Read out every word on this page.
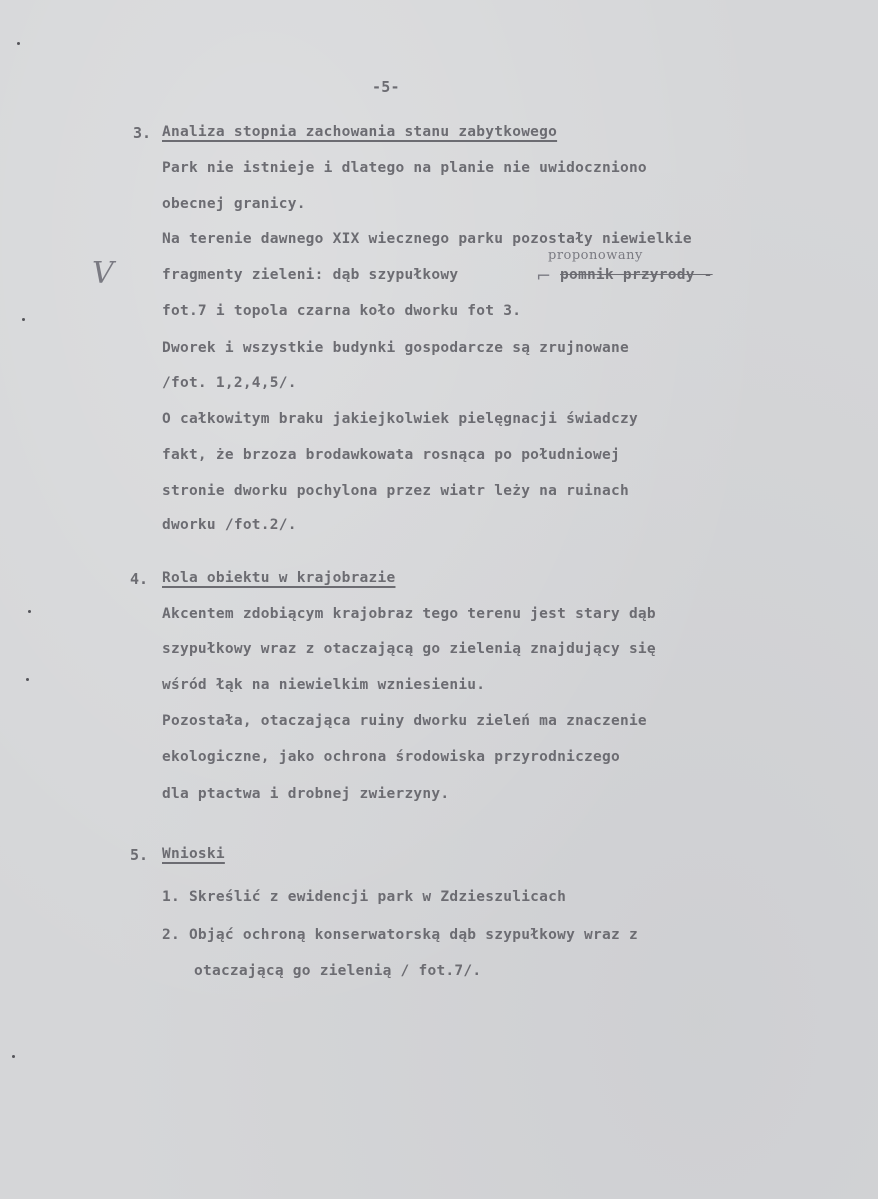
-5-
3. Analiza stopnia zachowania stanu zabytkowego
Park nie istnieje i dlatego na planie nie uwidoczniono
obecnej granicy.
Na terenie dawnego XIX wiecznego parku pozostały niewielkie
proponowany
V	fragmenty zieleni: dąb szypułkowy	⌐ pomnik przyrody -
fot.7 i topola czarna koło dworku fot 3.
Dworek i wszystkie budynki gospodarcze są zrujnowane
/fot. 1,2,4,5/.
O całkowitym braku jakiejkolwiek pielęgnacji świadczy
fakt, że brzoza brodawkowata rosnąca po południowej
stronie dworku pochylona przez wiatr leży na ruinach
dworku /fot.2/.
4. Rola obiektu w krajobrazie
Akcentem zdobiącym krajobraz tego terenu jest stary dąb
szypułkowy wraz z otaczającą go zielenią znajdujący się
wśród łąk na niewielkim wzniesieniu.
Pozostała, otaczająca ruiny dworku zieleń ma znaczenie
ekologiczne, jako ochrona środowiska przyrodniczego
dla ptactwa i drobnej zwierzyny.
5. Wnioski
1. Skreślić z ewidencji park w Zdzieszulicach
2. Objąć ochroną konserwatorską dąb szypułkowy wraz z
otaczającą go zielenią / fot.7/.
